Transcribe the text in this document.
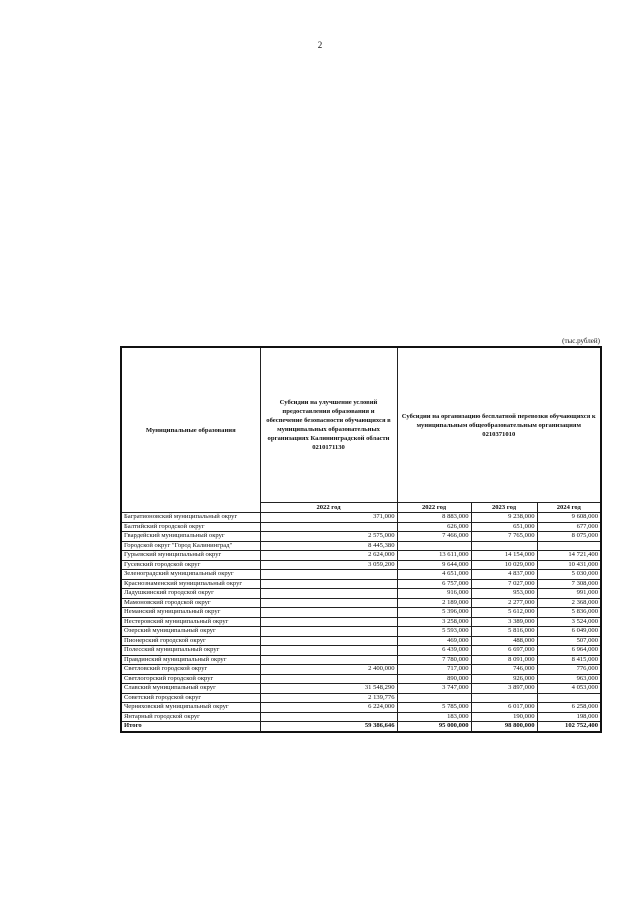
2
(тыс.рублей)
Муниципальные образования	Субсидии на улучшение условий предоставления образования и обеспечение безопасности обучающихся в муниципальных образовательных организациях Калининградской области 0210171130	Субсидии на организацию бесплатной перевозки обучающихся к муниципальным общеобразовательным организациям 0210371010		
	2022 год	2022 год	2023 год	2024 год
Багратионовский муниципальный округ	371,000	8 883,000	9 238,000	9 608,000
Балтийский городской округ		626,000	651,000	677,000
Гвардейский муниципальный округ	2 575,000	7 466,000	7 765,000	8 075,000
Городской округ "Город Калининград"	8 445,380			
Гурьевский муниципальный округ	2 624,000	13 611,000	14 154,000	14 721,400
Гусевский городской округ	3 059,200	9 644,000	10 029,000	10 431,000
Зеленоградский муниципальный округ		4 651,000	4 837,000	5 030,000
Краснознаменский муниципальный округ		6 757,000	7 027,000	7 308,000
Ладушкинский городской округ		916,000	953,000	991,000
Мамоновский городской округ		2 189,000	2 277,000	2 368,000
Неманский муниципальный округ		5 396,000	5 612,000	5 836,000
Нестеровский муниципальный округ		3 258,000	3 389,000	3 524,000
Озерский муниципальный округ		5 593,000	5 816,000	6 049,000
Пионерский городской округ		469,000	488,000	507,000
Полесский муниципальный округ		6 439,000	6 697,000	6 964,000
Правдинский муниципальный округ		7 780,000	8 091,000	8 415,000
Светловский городской округ	2 400,000	717,000	746,000	776,000
Светлогорский городской округ		890,000	926,000	963,000
Славский муниципальный округ	31 548,290	3 747,000	3 897,000	4 053,000
Советский городской округ	2 139,776			
Черняховский муниципальный округ	6 224,000	5 785,000	6 017,000	6 258,000
Янтарный городской округ		183,000	190,000	198,000
Итого	59 386,646	95 000,000	98 800,000	102 752,400
